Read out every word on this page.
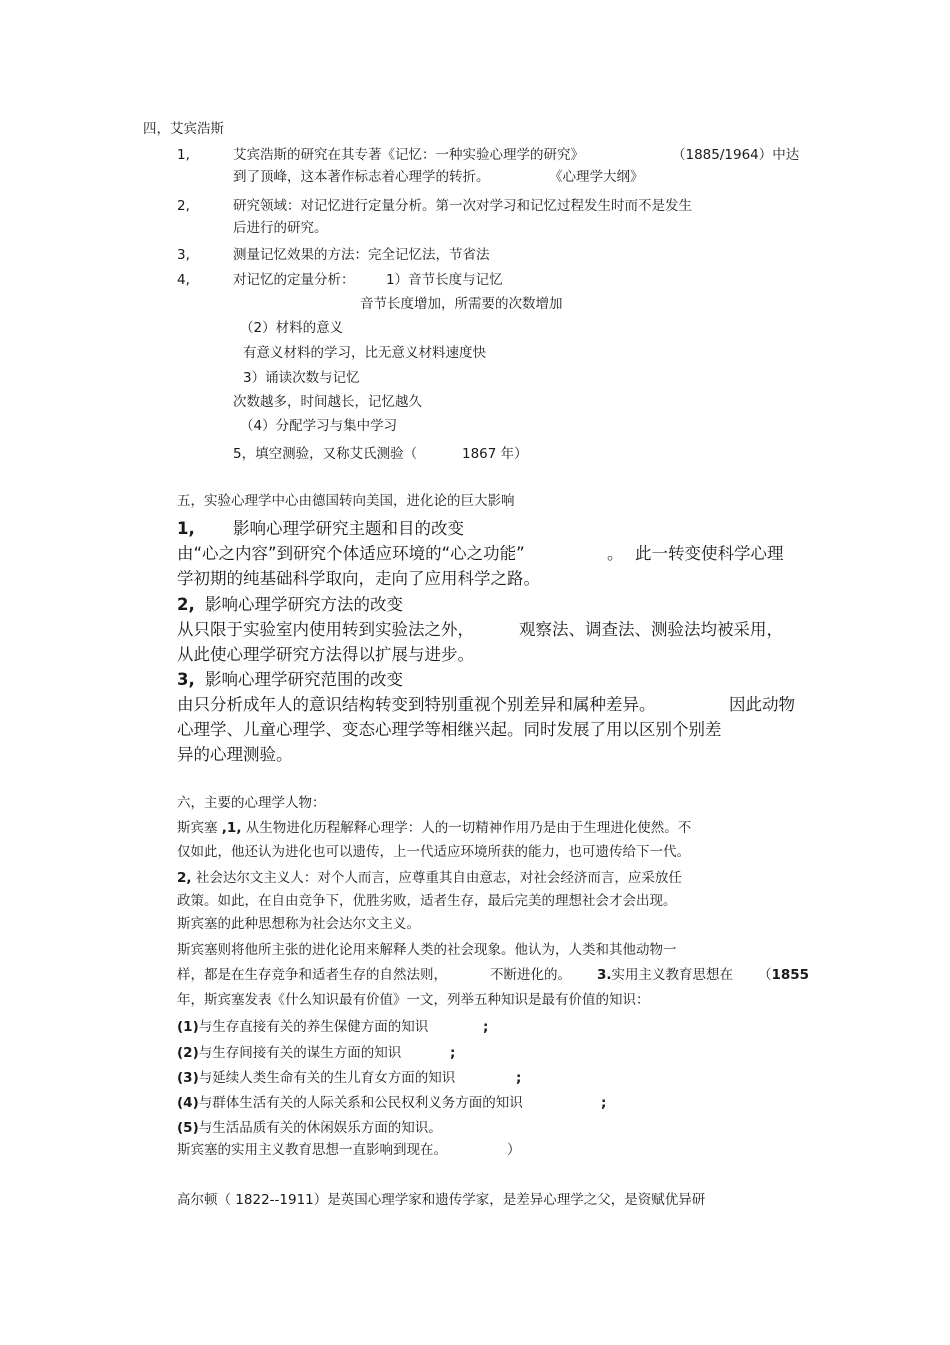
四，艾宾浩斯
1,	艾宾浩斯的研究在其专著《记忆：一种实验心理学的研究》	（1885/1964）中达
到了顶峰，这本著作标志着心理学的转折。	《心理学大纲》
2,	研究领域：对记忆进行定量分析。第一次对学习和记忆过程发生时而不是发生
后进行的研究。
3,	测量记忆效果的方法：完全记忆法，节省法
4,	对记忆的定量分析： 1）音节长度与记忆
音节长度增加，所需要的次数增加
（2）材料的意义
有意义材料的学习，比无意义材料速度快
3）诵读次数与记忆
次数越多，时间越长，记忆越久
（4）分配学习与集中学习
5，填空测验，又称艾氏测验（	1867 年）
五，实验心理学中心由德国转向美国，进化论的巨大影响
1, 影响心理学研究主题和目的改变
由“心之内容”到研究个体适应环境的“心之功能”	。 此一转变使科学心理
学初期的纯基础科学取向，走向了应用科学之路。
2, 影响心理学研究方法的改变
从只限于实验室内使用转到实验法之外，	观察法、调查法、测验法均被采用，
从此使心理学研究方法得以扩展与进步。
3, 影响心理学研究范围的改变
由只分析成年人的意识结构转变到特别重视个别差异和属种差异。	因此动物
心理学、儿童心理学、变态心理学等相继兴起。同时发展了用以区别个别差
异的心理测验。
六，主要的心理学人物：
斯宾塞 ,1, 从生物进化历程解释心理学：人的一切精神作用乃是由于生理进化使然。不
仅如此，他还认为进化也可以遗传，上一代适应环境所获的能力，也可遗传给下一代。
2, 社会达尔文主义人：对个人而言，应尊重其自由意志，对社会经济而言，应采放任
政策。如此，在自由竞争下，优胜劣败，适者生存，最后完美的理想社会才会出现。
斯宾塞的此种思想称为社会达尔文主义。
斯宾塞则将他所主张的进化论用来解释人类的社会现象。他认为，人类和其他动物一
样，都是在生存竞争和适者生存的自然法则，	不断进化的。 3.实用主义教育思想在 （1855
年，斯宾塞发表《什么知识最有价值》一文，列举五种知识是最有价值的知识：
(1)与生存直接有关的养生保健方面的知识	;
(2)与生存间接有关的谋生方面的知识	;
(3)与延续人类生命有关的生儿育女方面的知识	;
(4)与群体生活有关的人际关系和公民权利义务方面的知识	;
(5)与生活品质有关的休闲娱乐方面的知识。
斯宾塞的实用主义教育思想一直影响到现在。	）
高尔顿（ 1822--1911）是英国心理学家和遗传学家，是差异心理学之父，是资赋优异研
